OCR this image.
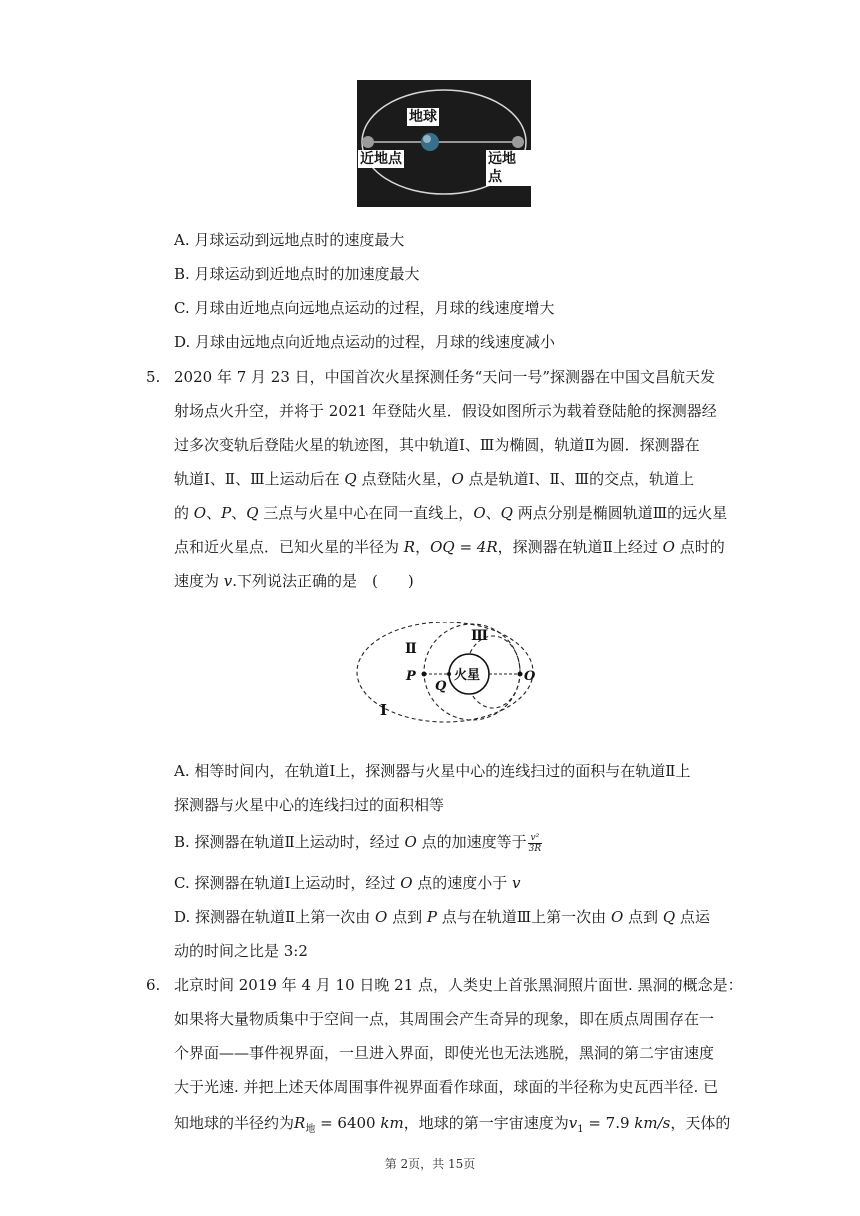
地球
近地点	远地点
A. 月球运动到远地点时的速度最大
B. 月球运动到近地点时的加速度最大
C. 月球由近地点向远地点运动的过程，月球的线速度增大
D. 月球由远地点向近地点运动的过程，月球的线速度减小
5. 2020 年 7 月 23 日，中国首次火星探测任务“天问一号”探测器在中国文昌航天发
射场点火升空，并将于 2021 年登陆火星．假设如图所示为载着登陆舱的探测器经
过多次变轨后登陆火星的轨迹图，其中轨道Ⅰ、Ⅲ为椭圆，轨道Ⅱ为圆．探测器在
轨道Ⅰ、Ⅱ、Ⅲ上运动后在 Q 点登陆火星，O 点是轨道Ⅰ、Ⅱ、Ⅲ的交点，轨道上
的 O、P、Q 三点与火星中心在同一直线上，O、Q 两点分别是椭圆轨道Ⅲ的远火星
点和近火星点．已知火星的半径为 R，OQ = 4R，探测器在轨道Ⅱ上经过 O 点时的
速度为 v.下列说法正确的是　(　　)
Ⅱ
Ⅲ
I
P
Q
O
火星
A. 相等时间内，在轨道Ⅰ上，探测器与火星中心的连线扫过的面积与在轨道Ⅱ上
探测器与火星中心的连线扫过的面积相等
B. 探测器在轨道Ⅱ上运动时，经过 O 点的加速度等于 $\frac{\text{v²}}{3R}$
C. 探测器在轨道Ⅰ上运动时，经过 O 点的速度小于 v
D. 探测器在轨道Ⅱ上第一次由 O 点到 P 点与在轨道Ⅲ上第一次由 O 点到 Q 点运
动的时间之比是 3:2
6. 北京时间 2019 年 4 月 10 日晚 21 点，人类史上首张黑洞照片面世. 黑洞的概念是：
如果将大量物质集中于空间一点，其周围会产生奇异的现象，即在质点周围存在一
个界面——事件视界面，一旦进入界面，即使光也无法逃脱，黑洞的第二宇宙速度
大于光速. 并把上述天体周围事件视界面看作球面，球面的半径称为史瓦西半径. 已
知地球的半径约为$R_地 = 6400$ km，地球的第一宇宙速度为$v_1 = 7.9$ km/s，天体的
第 2页，共 15页
